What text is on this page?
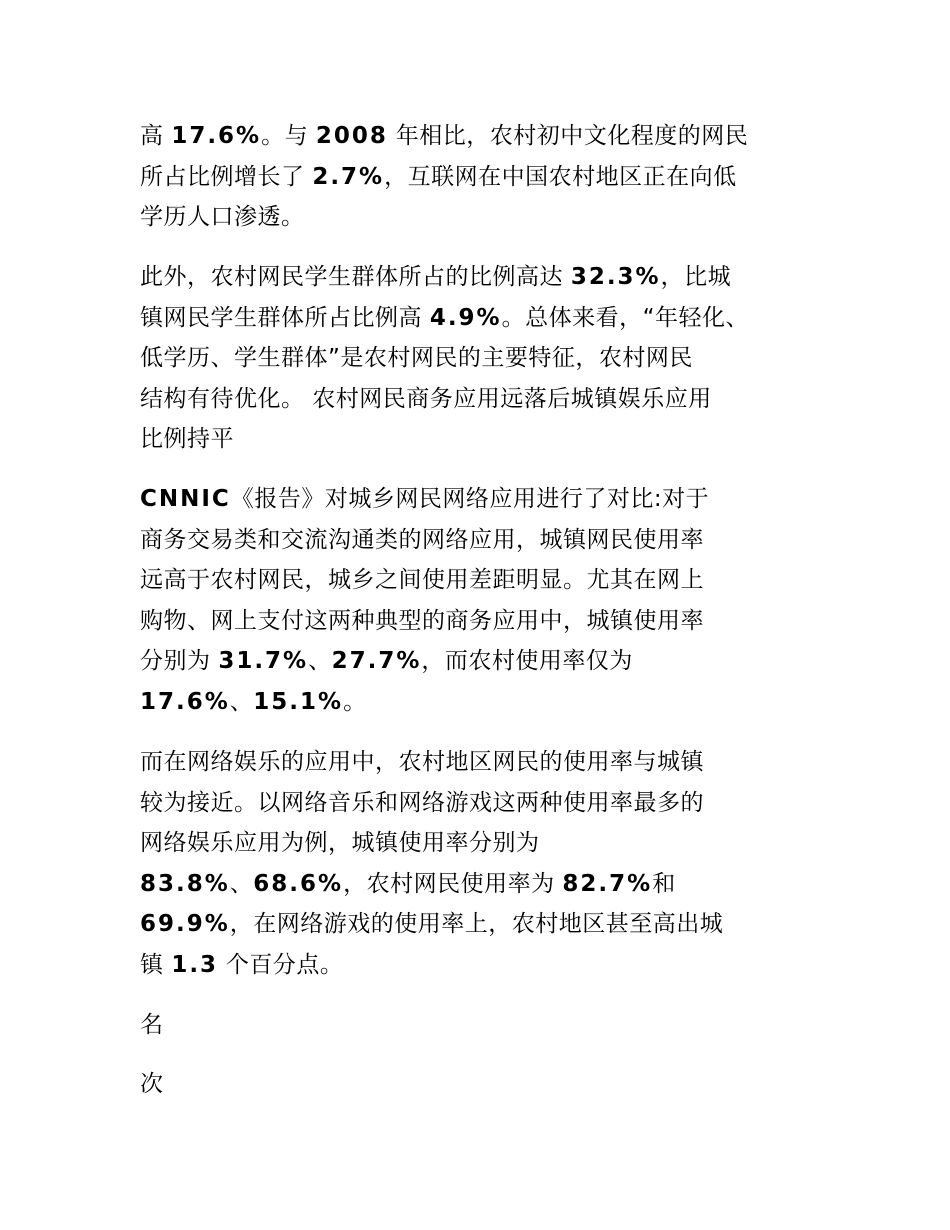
高 17.6%。与 2008 年相比，农村初中文化程度的网民
所占比例增长了 2.7%，互联网在中国农村地区正在向低
学历人口渗透。
此外，农村网民学生群体所占的比例高达 32.3%，比城
镇网民学生群体所占比例高 4.9%。总体来看，“年轻化、
低学历、学生群体”是农村网民的主要特征，农村网民
结构有待优化。 农村网民商务应用远落后城镇娱乐应用
比例持平
CNNIC《报告》对城乡网民网络应用进行了对比:对于
商务交易类和交流沟通类的网络应用，城镇网民使用率
远高于农村网民，城乡之间使用差距明显。尤其在网上
购物、网上支付这两种典型的商务应用中，城镇使用率
分别为 31.7%、27.7%，而农村使用率仅为
17.6%、15.1%。
而在网络娱乐的应用中，农村地区网民的使用率与城镇
较为接近。以网络音乐和网络游戏这两种使用率最多的
网络娱乐应用为例，城镇使用率分别为
83.8%、68.6%，农村网民使用率为 82.7%和
69.9%，在网络游戏的使用率上，农村地区甚至高出城
镇 1.3 个百分点。
名
次
